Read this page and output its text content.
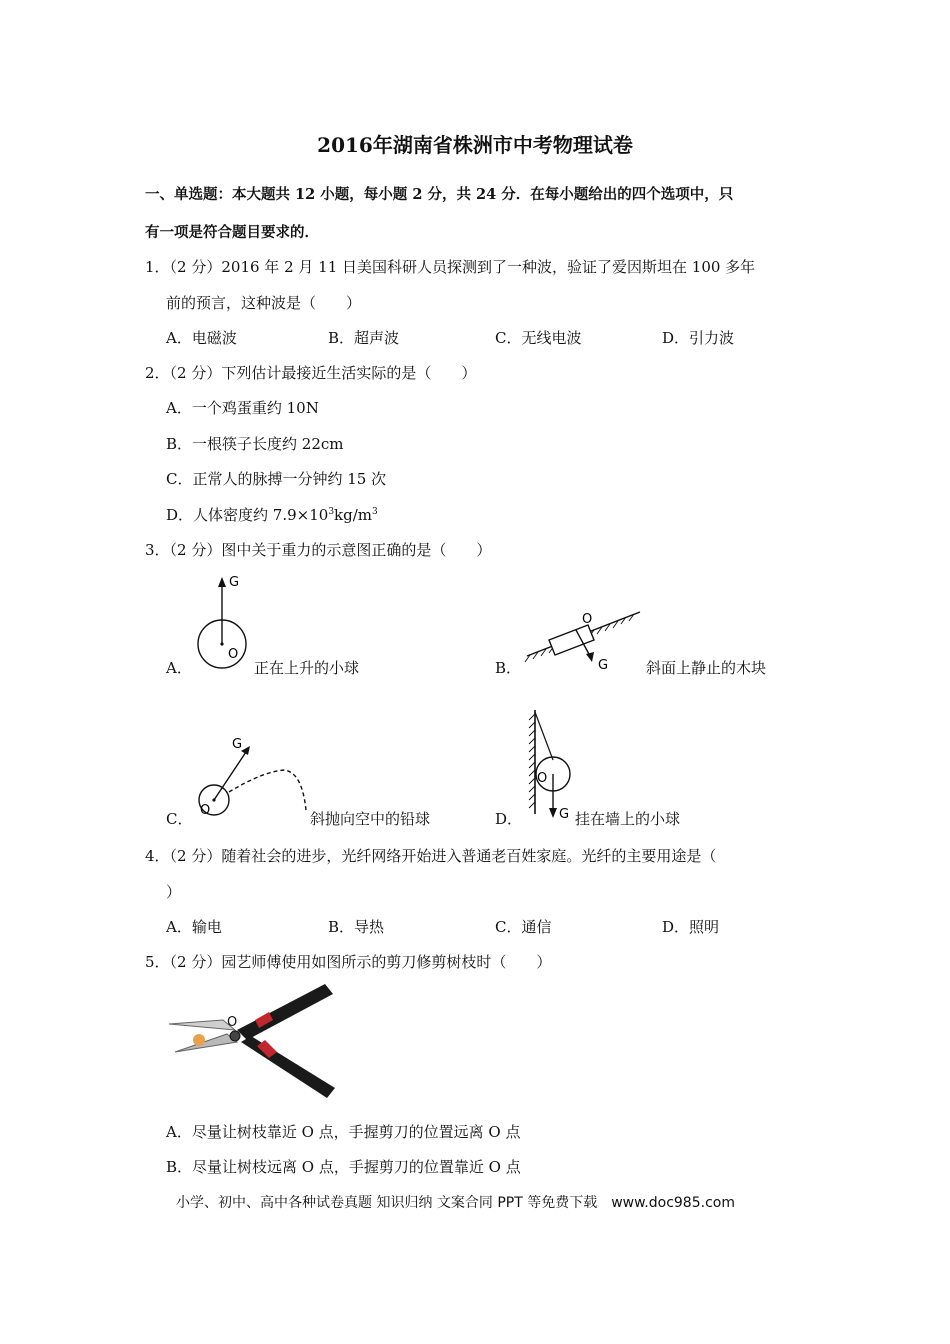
2016年湖南省株洲市中考物理试卷
一、单选题：本大题共 12 小题，每小题 2 分，共 24 分．在每小题给出的四个选项中，只
有一项是符合题目要求的．
1．（2 分）2016 年 2 月 11 日美国科研人员探测到了一种波，验证了爱因斯坦在 100 多年
前的预言，这种波是（　　）
A．电磁波	B．超声波	C．无线电波	D．引力波
2．（2 分）下列估计最接近生活实际的是（　　）
A．一个鸡蛋重约 10N
B．一根筷子长度约 22cm
C．正常人的脉搏一分钟约 15 次
D．人体密度约 $7.9\times 10^3kg/m^3$
3．（2 分）图中关于重力的示意图正确的是（　　）
G
O
A．	正在上升的小球
O
G
B．	斜面上静止的木块
G
O
C．	斜抛向空中的铅球
O
G
D．	挂在墙上的小球
4．（2 分）随着社会的进步，光纤网络开始进入普通老百姓家庭。光纤的主要用途是（
）
A．输电	B．导热	C．通信	D．照明
5．（2 分）园艺师傅使用如图所示的剪刀修剪树枝时（　　）
O
A．尽量让树枝靠近 O 点，手握剪刀的位置远离 O 点
B．尽量让树枝远离 O 点，手握剪刀的位置靠近 O 点
小学、初中、高中各种试卷真题 知识归纳 文案合同 PPT 等免费下载　www.doc985.com
